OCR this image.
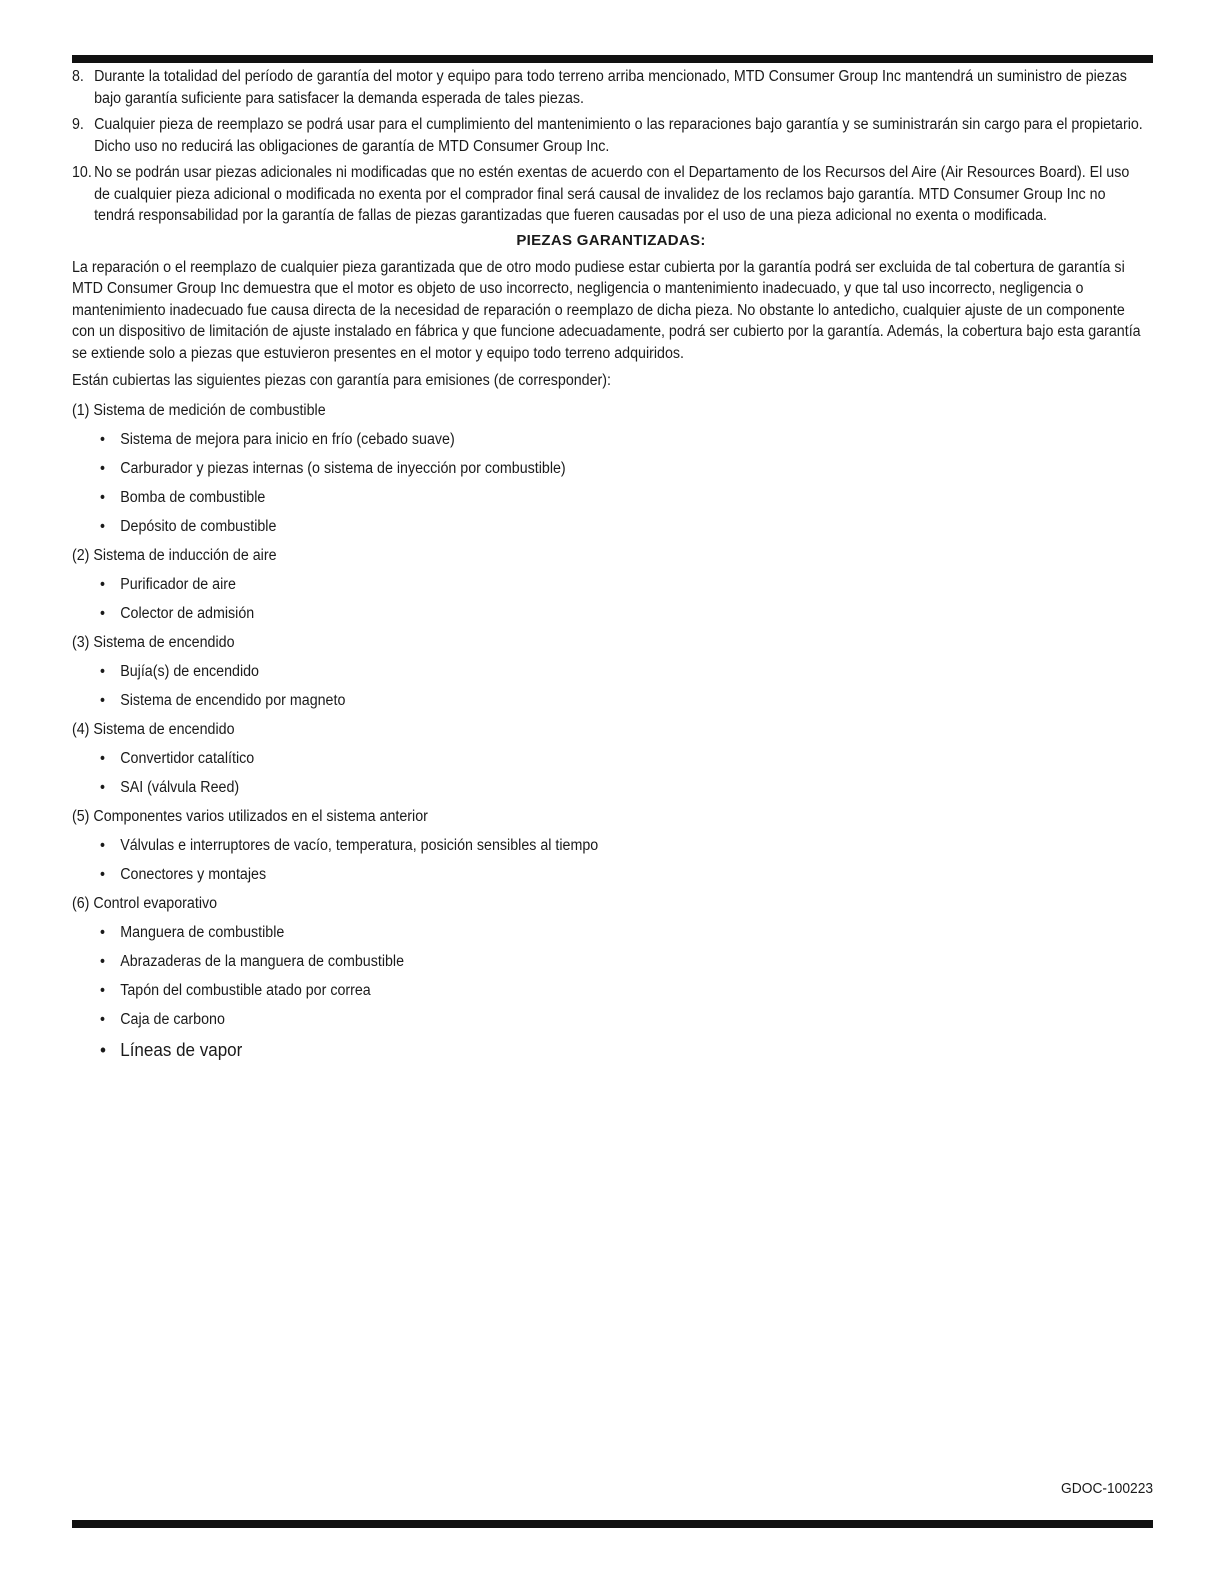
8. Durante la totalidad del período de garantía del motor y equipo para todo terreno arriba mencionado, MTD Consumer Group Inc mantendrá un suministro de piezas bajo garantía suficiente para satisfacer la demanda esperada de tales piezas.
9. Cualquier pieza de reemplazo se podrá usar para el cumplimiento del mantenimiento o las reparaciones bajo garantía y se suministrarán sin cargo para el propietario. Dicho uso no reducirá las obligaciones de garantía de MTD Consumer Group Inc.
10. No se podrán usar piezas adicionales ni modificadas que no estén exentas de acuerdo con el Departamento de los Recursos del Aire (Air Resources Board). El uso de cualquier pieza adicional o modificada no exenta por el comprador final será causal de invalidez de los reclamos bajo garantía. MTD Consumer Group Inc no tendrá responsabilidad por la garantía de fallas de piezas garantizadas que fueren causadas por el uso de una pieza adicional no exenta o modificada.
PIEZAS GARANTIZADAS:
La reparación o el reemplazo de cualquier pieza garantizada que de otro modo pudiese estar cubierta por la garantía podrá ser excluida de tal cobertura de garantía si MTD Consumer Group Inc demuestra que el motor es objeto de uso incorrecto, negligencia o mantenimiento inadecuado, y que tal uso incorrecto, negligencia o mantenimiento inadecuado fue causa directa de la necesidad de reparación o reemplazo de dicha pieza. No obstante lo antedicho, cualquier ajuste de un componente con un dispositivo de limitación de ajuste instalado en fábrica y que funcione adecuadamente, podrá ser cubierto por la garantía. Además, la cobertura bajo esta garantía se extiende solo a piezas que estuvieron presentes en el motor y equipo todo terreno adquiridos.
Están cubiertas las siguientes piezas con garantía para emisiones (de corresponder):
(1) Sistema de medición de combustible
• Sistema de mejora para inicio en frío (cebado suave)
• Carburador y piezas internas (o sistema de inyección por combustible)
• Bomba de combustible
• Depósito de combustible
(2) Sistema de inducción de aire
• Purificador de aire
• Colector de admisión
(3) Sistema de encendido
• Bujía(s) de encendido
• Sistema de encendido por magneto
(4) Sistema de encendido
• Convertidor catalítico
• SAI (válvula Reed)
(5) Componentes varios utilizados en el sistema anterior
• Válvulas e interruptores de vacío, temperatura, posición sensibles al tiempo
• Conectores y montajes
(6) Control evaporativo
• Manguera de combustible
• Abrazaderas de la manguera de combustible
• Tapón del combustible atado por correa
• Caja de carbono
• Líneas de vapor
GDOC-100223
